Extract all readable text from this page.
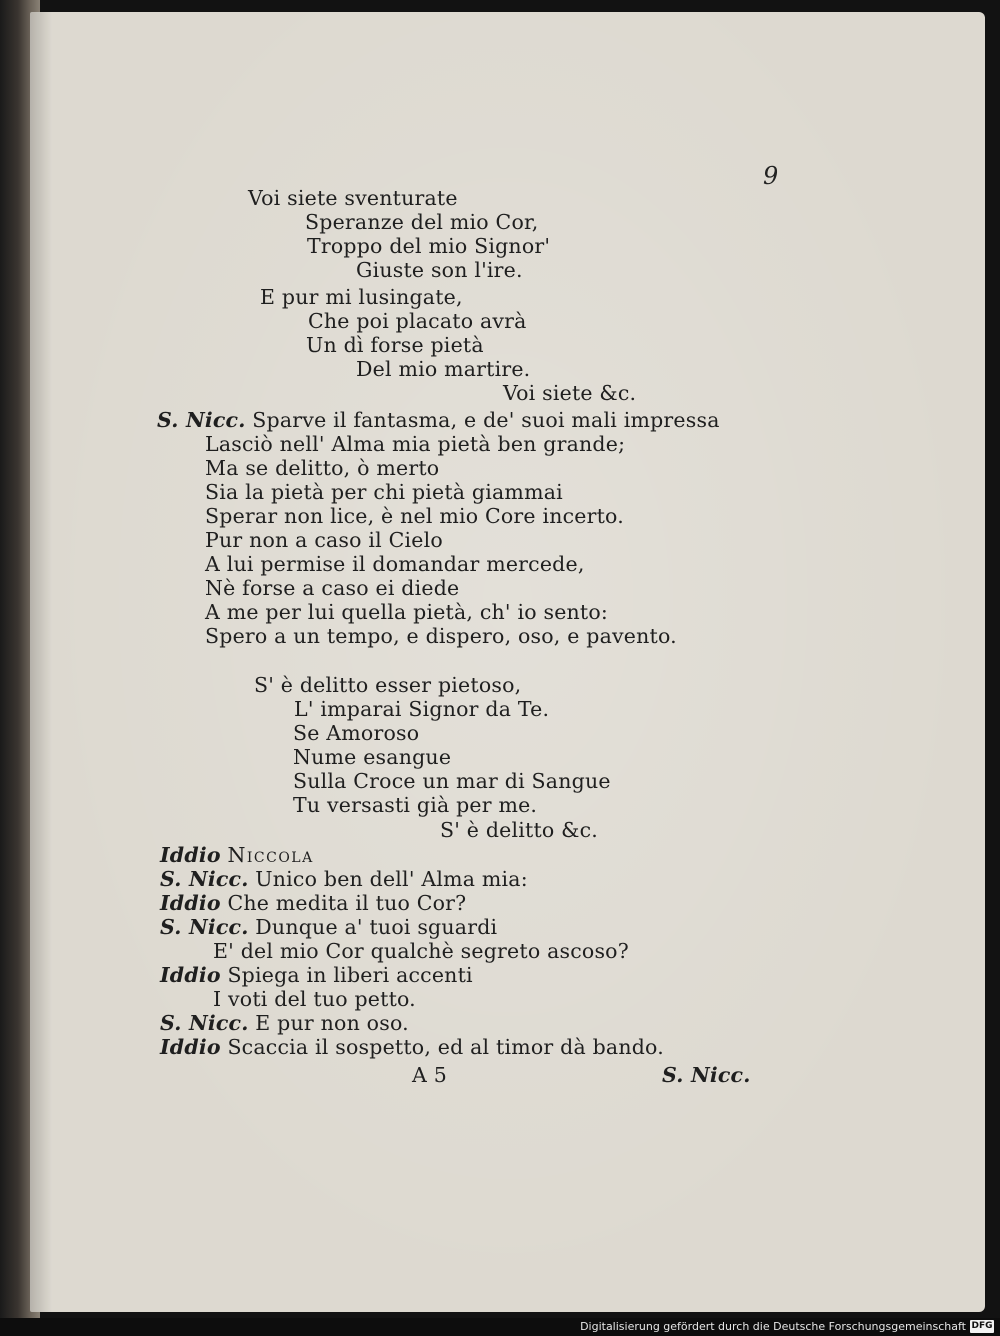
9
Voi siete sventurate
Speranze del mio Cor,
Troppo del mio Signor'
Giuste son l'ire.
E pur mi lusingate,
Che poi placato avrà
Un dì forse pietà
Del mio martire.
Voi siete &c.
S. Nicc. Sparve il fantasma, e de' suoi mali impressa
Lasciò nell' Alma mia pietà ben grande;
Ma se delitto, ò merto
Sia la pietà per chi pietà giammai
Sperar non lice, è nel mio Core incerto.
Pur non a caso il Cielo
A lui permise il domandar mercede,
Nè forse a caso ei diede
A me per lui quella pietà, ch' io sento:
Spero a un tempo, e dispero, oso, e pavento.
S' è delitto esser pietoso,
L' imparai Signor da Te.
Se Amoroso
Nume esangue
Sulla Croce un mar di Sangue
Tu versasti già per me.
S' è delitto &c.
Iddio Niccola
S. Nicc. Unico ben dell' Alma mia:
Iddio Che medita il tuo Cor?
S. Nicc. Dunque a' tuoi sguardi
E' del mio Cor qualchè segreto ascoso?
Iddio Spiega in liberi accenti
I voti del tuo petto.
S. Nicc. E pur non oso.
Iddio Scaccia il sospetto, ed al timor dà bando.
A 5	S. Nicc.
Digitalisierung gefördert durch die Deutsche Forschungsgemeinschaft DFG
